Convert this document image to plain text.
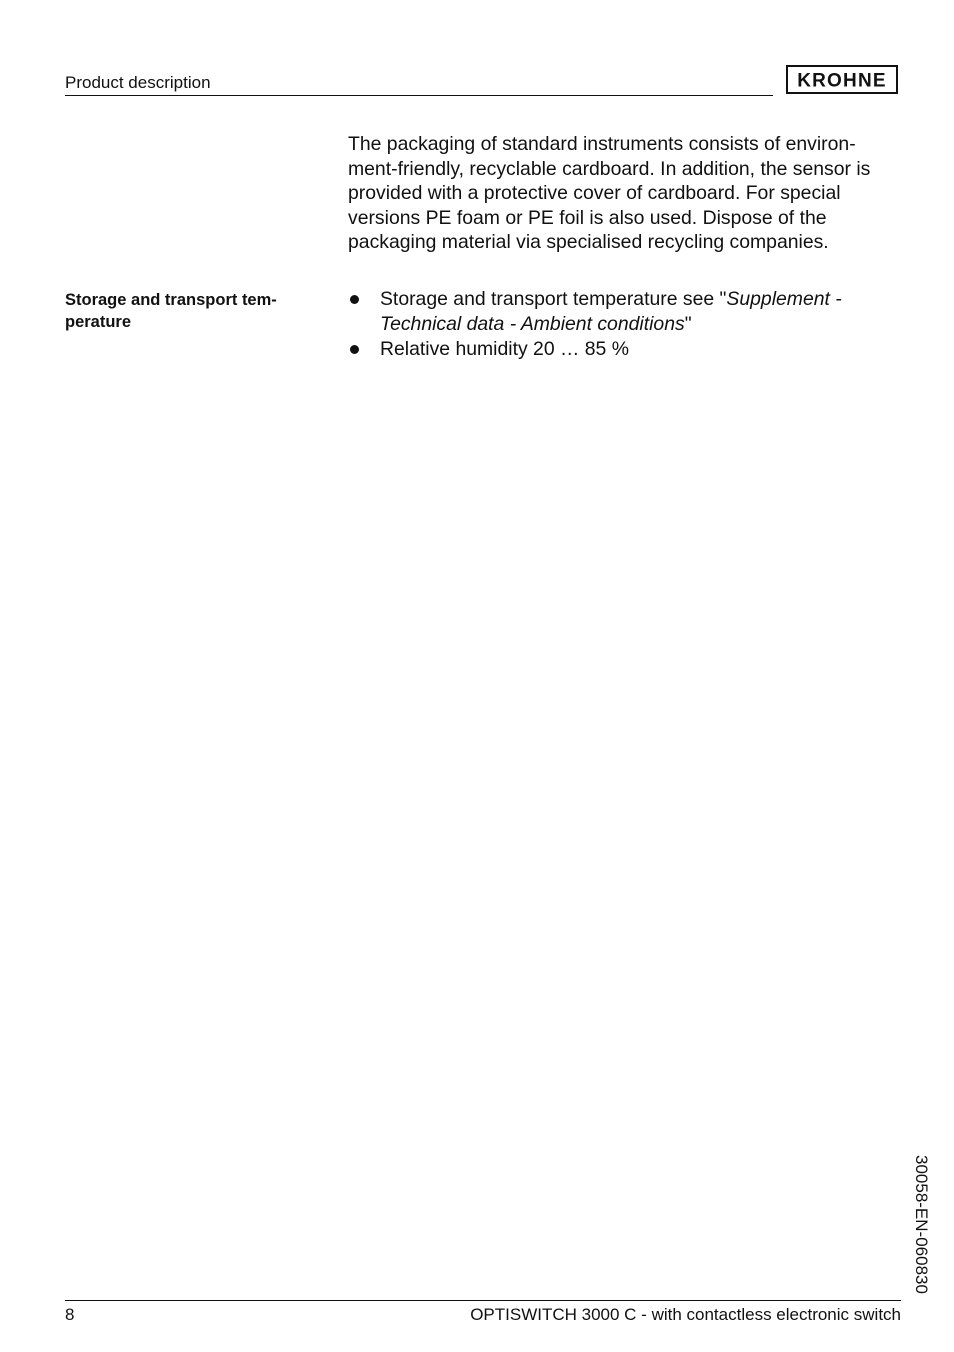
Product description	KROHNE

The packaging of standard instruments consists of environ-
ment-friendly, recyclable cardboard. In addition, the sensor is
provided with a protective cover of cardboard. For special
versions PE foam or PE foil is also used. Dispose of the
packaging material via specialised recycling companies.

Storage and transport tem-
perature
Storage and transport temperature see "Supplement -
Technical data - Ambient conditions"
Relative humidity 20 … 85 %
30058-EN-060830
8	OPTISWITCH 3000 C - with contactless electronic switch
